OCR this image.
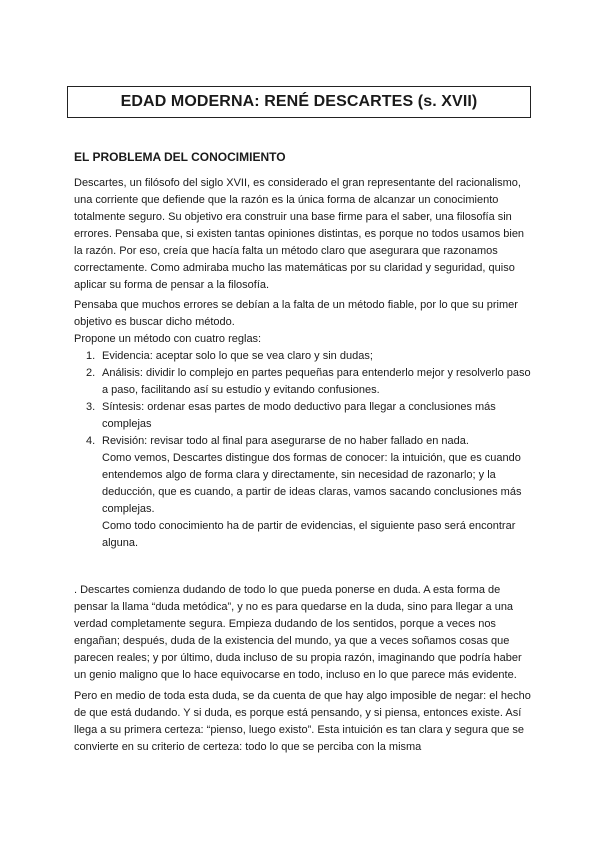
EDAD MODERNA: RENÉ DESCARTES (s. XVII)
EL PROBLEMA DEL CONOCIMIENTO

Descartes, un filósofo del siglo XVII, es considerado el gran representante del racionalismo, una corriente que defiende que la razón es la única forma de alcanzar un conocimiento totalmente seguro. Su objetivo era construir una base firme para el saber, una filosofía sin errores. Pensaba que, si existen tantas opiniones distintas, es porque no todos usamos bien la razón. Por eso, creía que hacía falta un método claro que asegurara que razonamos correctamente. Como admiraba mucho las matemáticas por su claridad y seguridad, quiso aplicar su forma de pensar a la filosofía.

Pensaba que muchos errores se debían a la falta de un método fiable, por lo que su primer objetivo es buscar dicho método.

Propone un método con cuatro reglas:

1. Evidencia: aceptar solo lo que se vea claro y sin dudas;
2. Análisis: dividir lo complejo en partes pequeñas para entenderlo mejor y resolverlo paso a paso, facilitando así su estudio y evitando confusiones.
3. Síntesis: ordenar esas partes de modo deductivo para llegar a conclusiones más complejas
4. Revisión: revisar todo al final para asegurarse de no haber fallado en nada.

Como vemos, Descartes distingue dos formas de conocer: la intuición, que es cuando entendemos algo de forma clara y directamente, sin necesidad de razonarlo; y la deducción, que es cuando, a partir de ideas claras, vamos sacando conclusiones más complejas.

Como todo conocimiento ha de partir de evidencias, el siguiente paso será encontrar alguna.

. Descartes comienza dudando de todo lo que pueda ponerse en duda. A esta forma de pensar la llama “duda metódica”, y no es para quedarse en la duda, sino para llegar a una verdad completamente segura. Empieza dudando de los sentidos, porque a veces nos engañan; después, duda de la existencia del mundo, ya que a veces soñamos cosas que parecen reales; y por último, duda incluso de su propia razón, imaginando que podría haber un genio maligno que lo hace equivocarse en todo, incluso en lo que parece más evidente.

Pero en medio de toda esta duda, se da cuenta de que hay algo imposible de negar: el hecho de que está dudando. Y si duda, es porque está pensando, y si piensa, entonces existe. Así llega a su primera certeza: “pienso, luego existo”. Esta intuición es tan clara y segura que se convierte en su criterio de certeza: todo lo que se perciba con la misma
